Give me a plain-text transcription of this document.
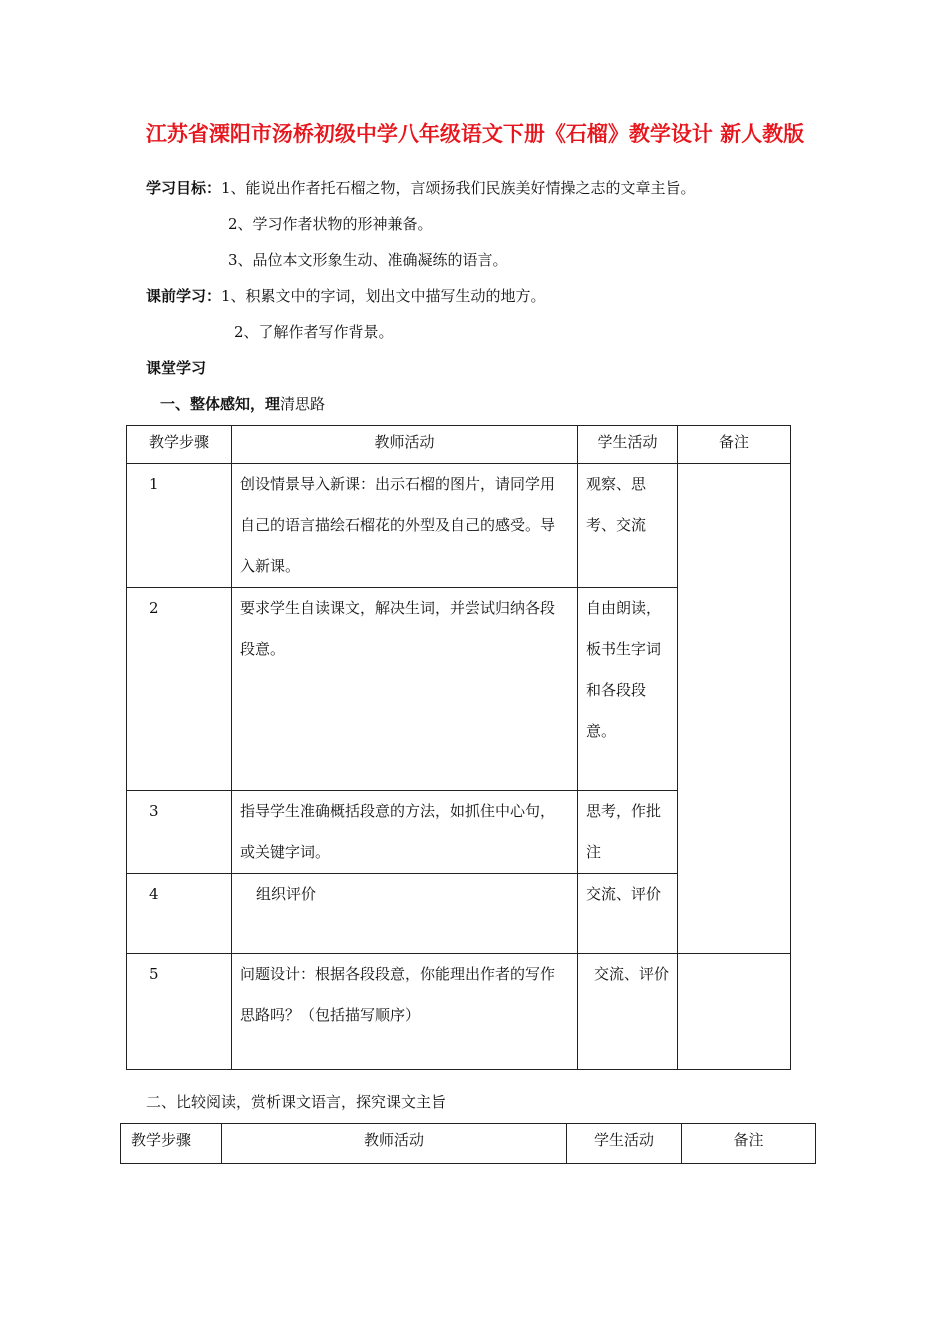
江苏省溧阳市汤桥初级中学八年级语文下册《石榴》教学设计 新人教版
学习目标：1、能说出作者托石榴之物，言颂扬我们民族美好情操之志的文章主旨。
2、学习作者状物的形神兼备。
3、品位本文形象生动、准确凝练的语言。
课前学习：1、积累文中的字词，划出文中描写生动的地方。
2、了解作者写作背景。
课堂学习
一、整体感知，理清思路
教学步骤	教师活动	学生活动	备注
1	创设情景导入新课：出示石榴的图片，请同学用自己的语言描绘石榴花的外型及自己的感受。导入新课。	观察、思考、交流	
2	要求学生自读课文，解决生词，并尝试归纳各段段意。	自由朗读，板书生字词和各段段意。	
3	指导学生准确概括段意的方法，如抓住中心句，或关键字词。	思考，作批注	
4	组织评价	交流、评价	
5	问题设计：根据各段段意，你能理出作者的写作思路吗？（包括描写顺序）	交流、评价	
二、比较阅读，赏析课文语言，探究课文主旨
教学步骤	教师活动	学生活动	备注
